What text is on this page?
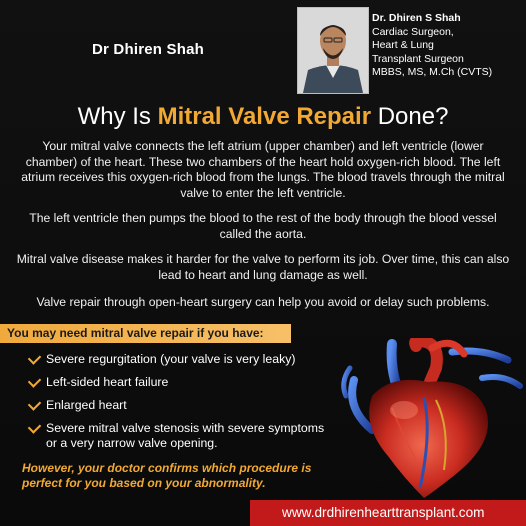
Dr Dhiren Shah
Dr. Dhiren S Shah
Cardiac Surgeon,
Heart & Lung
Transplant Surgeon
MBBS, MS, M.Ch (CVTS)
Why Is Mitral Valve Repair Done?
Your mitral valve connects the left atrium (upper chamber) and left ventricle (lower chamber) of the heart. These two chambers of the heart hold oxygen-rich blood. The left atrium receives this oxygen-rich blood from the lungs. The blood travels through the mitral valve to enter the left ventricle.
The left ventricle then pumps the blood to the rest of the body through the blood vessel called the aorta.
Mitral valve disease makes it harder for the valve to perform its job. Over time, this can also lead to heart and lung damage as well.
Valve repair through open-heart surgery can help you avoid or delay such problems.
You may need mitral valve repair if you have:
Severe regurgitation (your valve is very leaky)
Left-sided heart failure
Enlarged heart
Severe mitral valve stenosis with severe symptoms or a very narrow valve opening.
However, your doctor confirms which procedure is perfect for you based on your abnormality.
www.drdhirenhearttransplant.com
